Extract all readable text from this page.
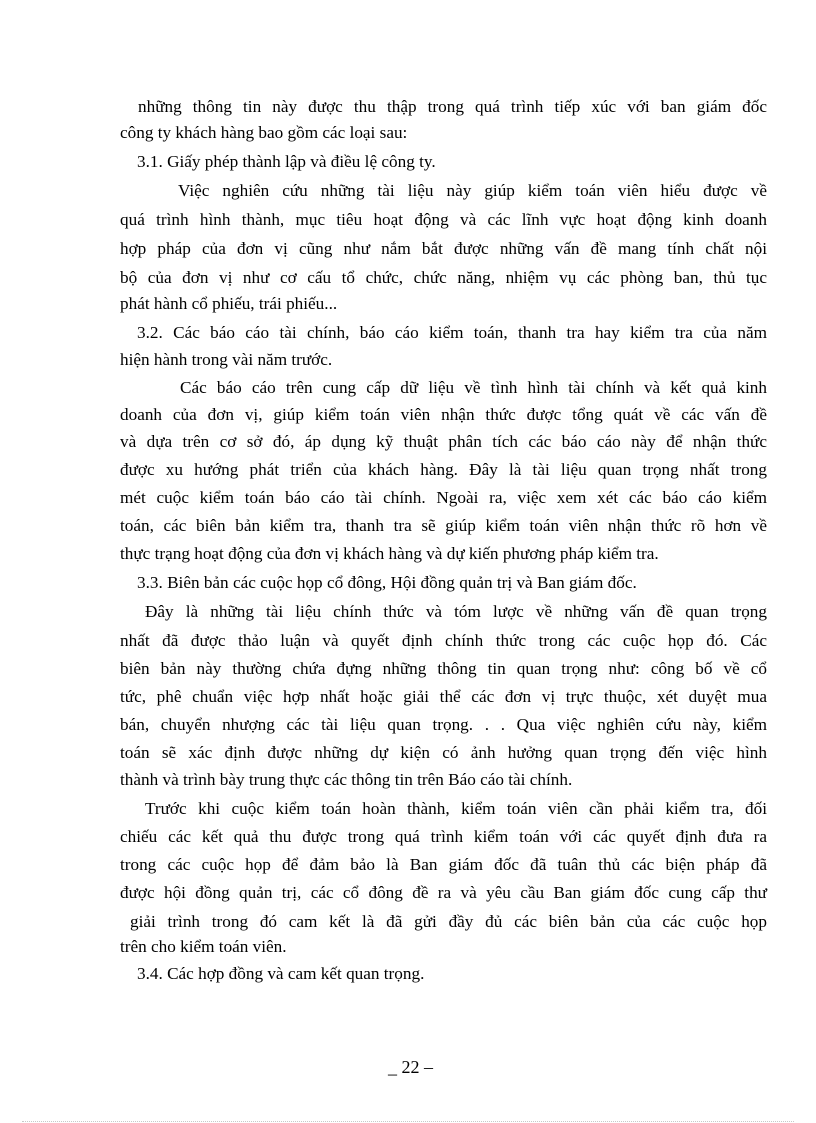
những thông tin này được thu thập trong quá trình tiếp xúc với ban giám đốc
công ty khách hàng bao gồm các loại sau:
3.1. Giấy phép thành lập và điều lệ công ty.
Việc nghiên cứu những tài liệu này giúp kiểm toán viên hiểu được về
quá trình hình thành, mục tiêu hoạt động và các lĩnh vực hoạt động kinh doanh
hợp pháp của đơn vị cũng như nắm bắt được những vấn đề mang tính chất nội
bộ của đơn vị như cơ cấu tổ chức, chức năng, nhiệm vụ các phòng ban, thủ tục
phát hành cổ phiếu, trái phiếu...
3.2. Các báo cáo tài chính, báo cáo kiểm toán, thanh tra hay kiểm tra của năm
hiện hành trong vài năm trước.
Các báo cáo trên cung cấp dữ liệu về tình hình tài chính và kết quả kinh
doanh của đơn vị, giúp kiểm toán viên nhận thức được tổng quát về các vấn đề
và dựa trên cơ sở đó, áp dụng kỹ thuật phân tích các báo cáo này để nhận thức
được xu hướng phát triển của khách hàng. Đây là tài liệu quan trọng nhất trong
mét cuộc kiểm toán báo cáo tài chính. Ngoài ra, việc xem xét các báo cáo kiểm
toán, các biên bản kiểm tra, thanh tra sẽ giúp kiểm toán viên nhận thức rõ hơn về
thực trạng hoạt động của đơn vị khách hàng và dự kiến phương pháp kiểm tra.
3.3. Biên bản các cuộc họp cổ đông, Hội đồng quản trị và Ban giám đốc.
Đây là những tài liệu chính thức và tóm lược về những vấn đề quan trọng
nhất đã được thảo luận và quyết định chính thức trong các cuộc họp đó. Các
biên bản này thường chứa đựng những thông tin quan trọng như: công bố về cổ
tức, phê chuẩn việc hợp nhất hoặc giải thể các đơn vị trực thuộc, xét duyệt mua
bán, chuyển nhượng các tài liệu quan trọng. . . Qua việc nghiên cứu này, kiểm
toán sẽ xác định được những dự kiện có ảnh hưởng quan trọng đến việc hình
thành và trình bày trung thực các thông tin trên Báo cáo tài chính.
Trước khi cuộc kiểm toán hoàn thành, kiểm toán viên cần phải kiểm tra, đối
chiếu các kết quả thu được trong quá trình kiểm toán với các quyết định đưa ra
trong các cuộc họp để đảm bảo là Ban giám đốc đã tuân thủ các biện pháp đã
được hội đồng quản trị, các cổ đông đề ra và yêu cầu Ban giám đốc cung cấp thư
giải trình trong đó cam kết là đã gửi đầy đủ các biên bản của các cuộc họp
trên cho kiểm toán viên.
3.4. Các hợp đồng và cam kết quan trọng.
_ 22 –
